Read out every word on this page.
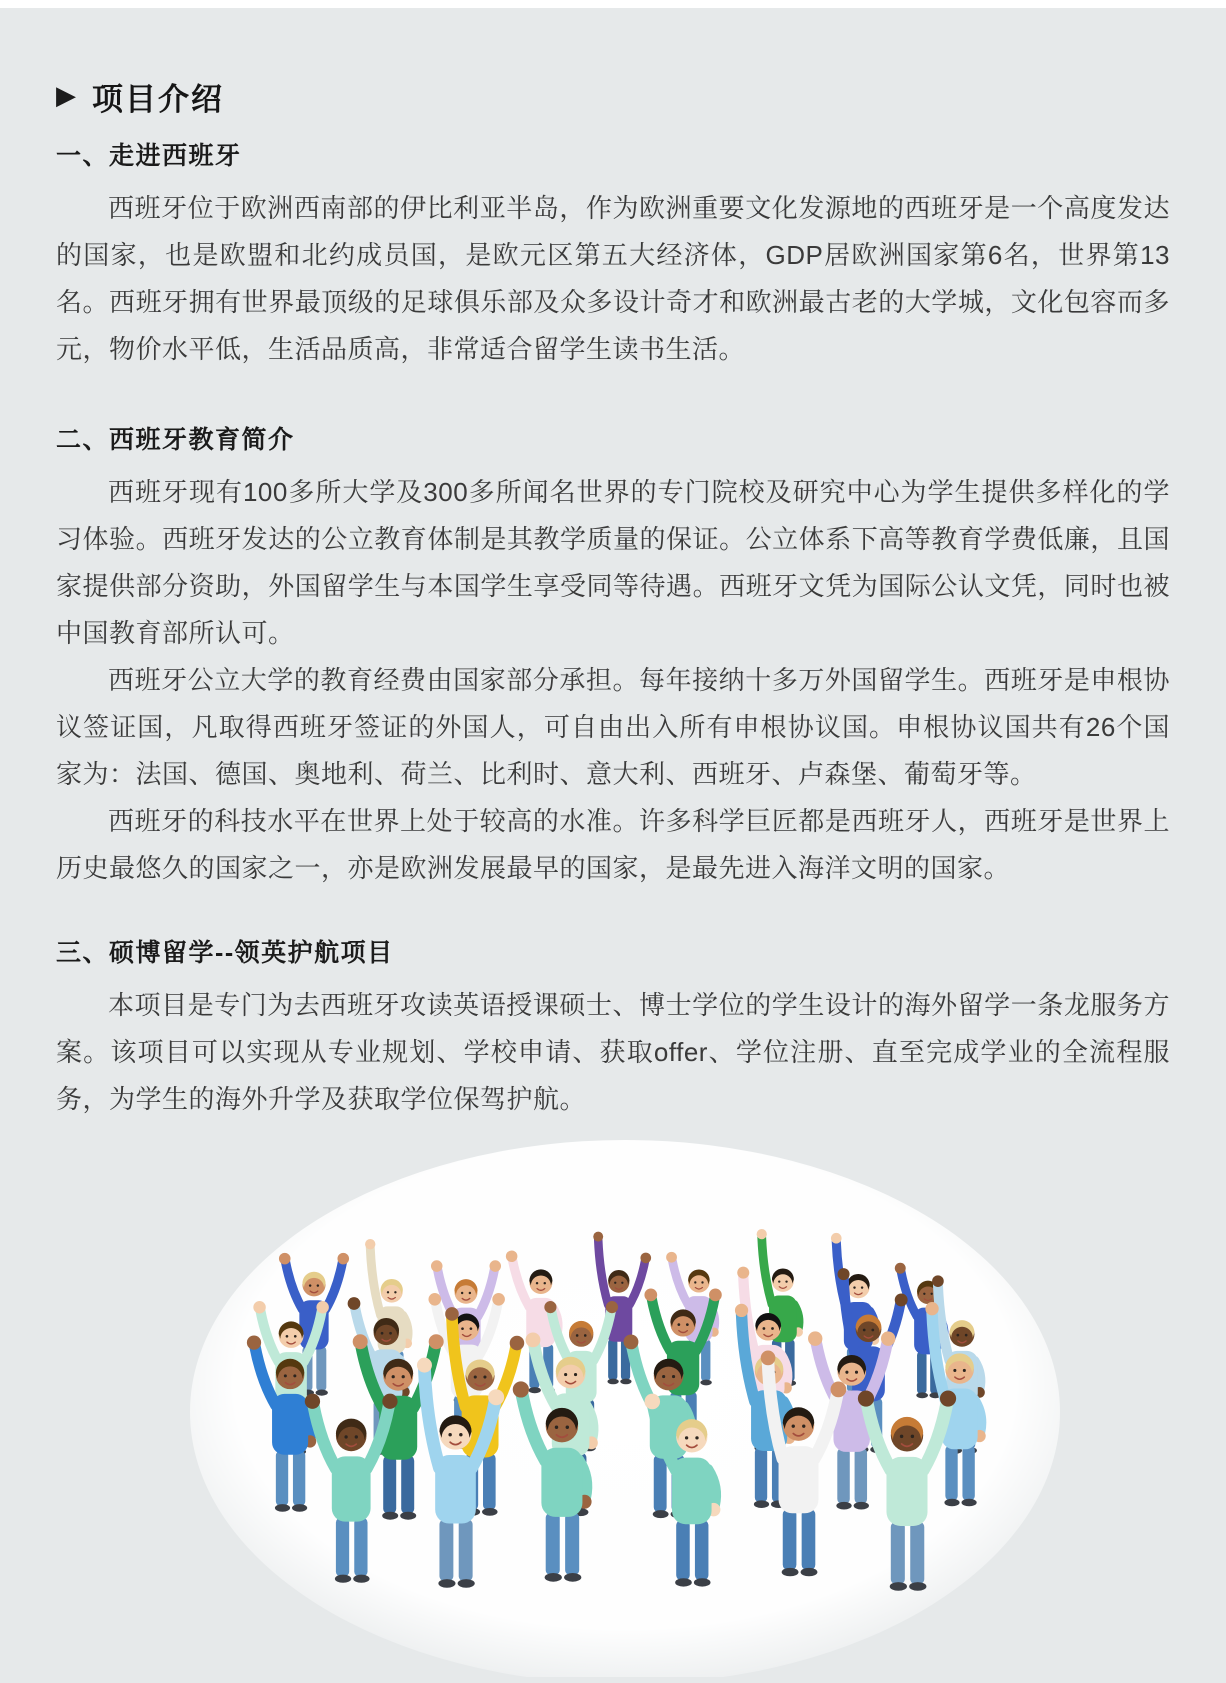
▶ 项目介绍
一、走进西班牙

西班牙位于欧洲西南部的伊比利亚半岛，作为欧洲重要文化发源地的西班牙是一个高度发达的国家，也是欧盟和北约成员国，是欧元区第五大经济体，GDP居欧洲国家第6名，世界第13名。西班牙拥有世界最顶级的足球俱乐部及众多设计奇才和欧洲最古老的大学城，文化包容而多元，物价水平低，生活品质高，非常适合留学生读书生活。

二、西班牙教育简介

西班牙现有100多所大学及300多所闻名世界的专门院校及研究中心为学生提供多样化的学习体验。西班牙发达的公立教育体制是其教学质量的保证。公立体系下高等教育学费低廉，且国家提供部分资助，外国留学生与本国学生享受同等待遇。西班牙文凭为国际公认文凭，同时也被中国教育部所认可。

西班牙公立大学的教育经费由国家部分承担。每年接纳十多万外国留学生。西班牙是申根协议签证国，凡取得西班牙签证的外国人，可自由出入所有申根协议国。申根协议国共有26个国家为：法国、德国、奥地利、荷兰、比利时、意大利、西班牙、卢森堡、葡萄牙等。

西班牙的科技水平在世界上处于较高的水准。许多科学巨匠都是西班牙人，西班牙是世界上历史最悠久的国家之一，亦是欧洲发展最早的国家，是最先进入海洋文明的国家。

三、硕博留学--领英护航项目

本项目是专门为去西班牙攻读英语授课硕士、博士学位的学生设计的海外留学一条龙服务方案。该项目可以实现从专业规划、学校申请、获取offer、学位注册、直至完成学业的全流程服务，为学生的海外升学及获取学位保驾护航。
